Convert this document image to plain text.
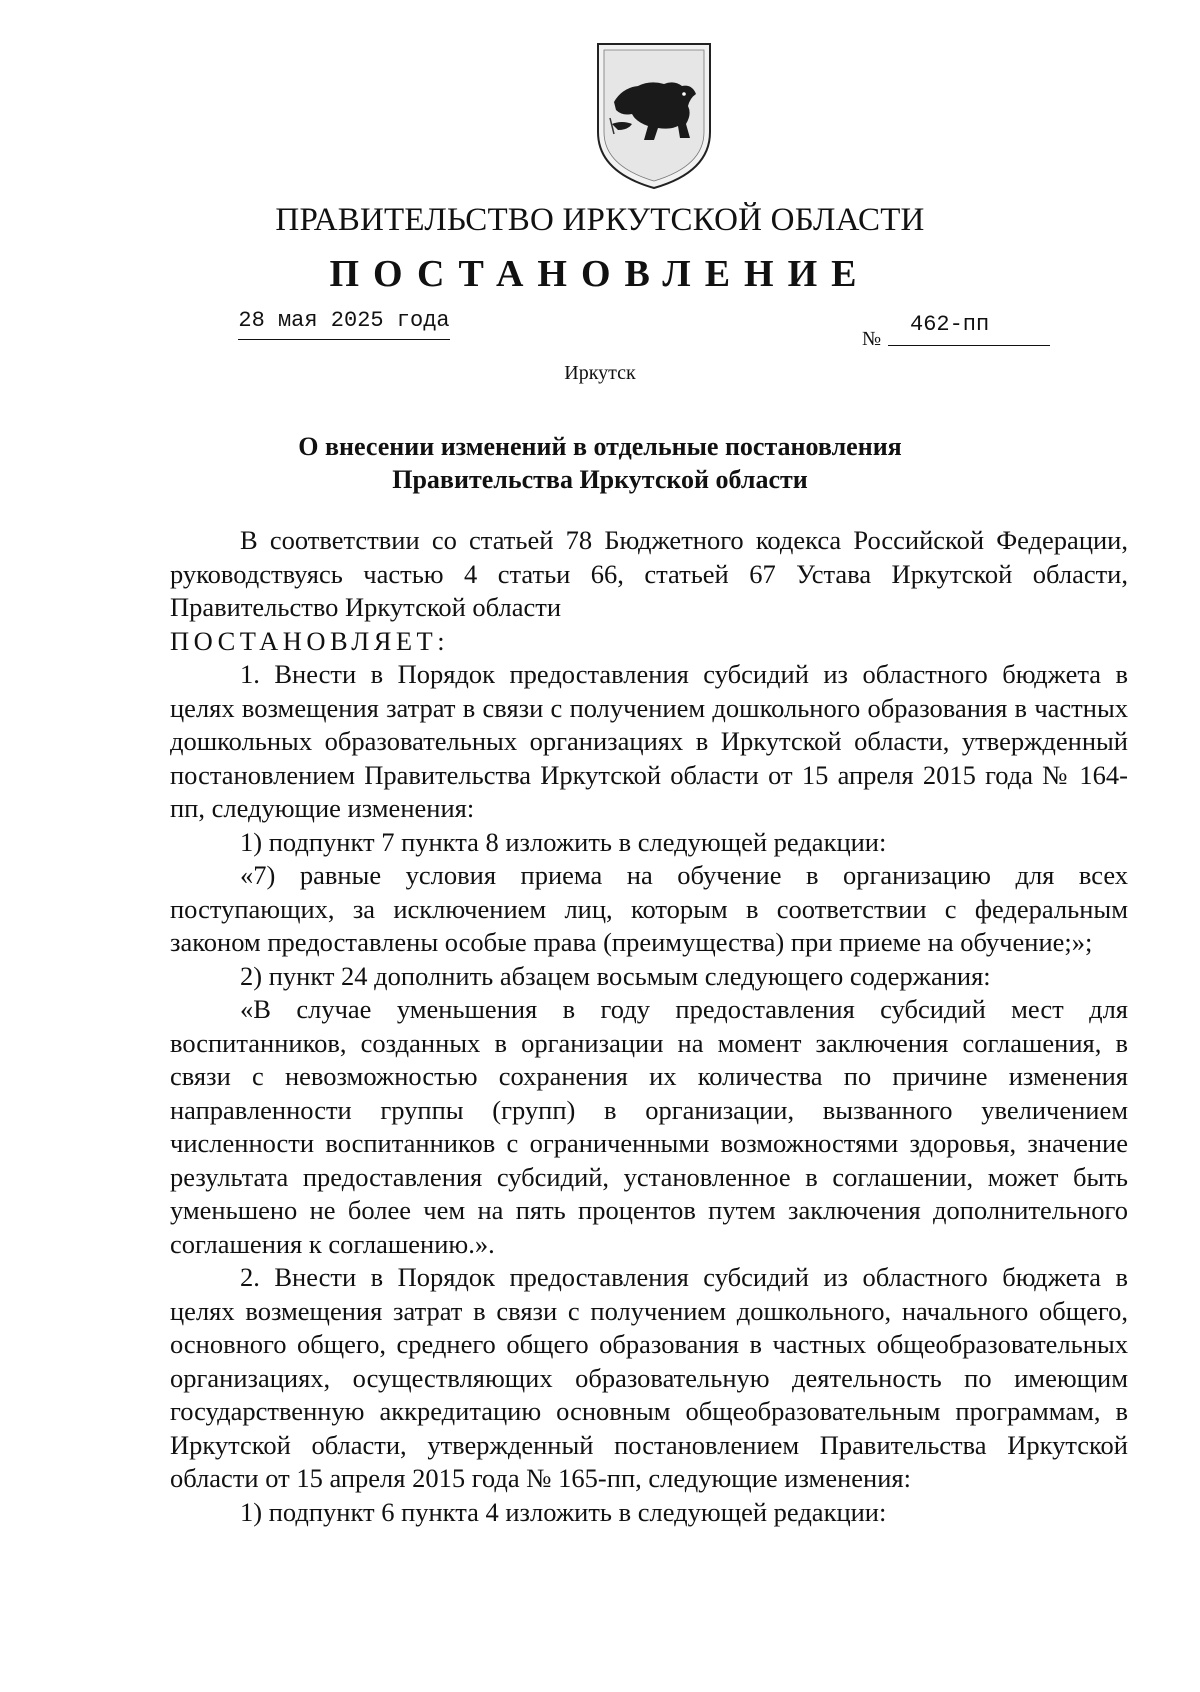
ПРАВИТЕЛЬСТВО ИРКУТСКОЙ ОБЛАСТИ
ПОСТАНОВЛЕНИЕ
28 мая 2025 года
№
462-пп
Иркутск
О внесении изменений в отдельные постановления
Правительства Иркутской области

В соответствии со статьей 78 Бюджетного кодекса Российской Федерации, руководствуясь частью 4 статьи 66, статьей 67 Устава Иркутской области, Правительство Иркутской области

ПОСТАНОВЛЯЕТ:

1. Внести в Порядок предоставления субсидий из областного бюджета в целях возмещения затрат в связи с получением дошкольного образования в частных дошкольных образовательных организациях в Иркутской области, утвержденный постановлением Правительства Иркутской области от 15 апреля 2015 года № 164-пп, следующие изменения:

1) подпункт 7 пункта 8 изложить в следующей редакции:

«7) равные условия приема на обучение в организацию для всех поступающих, за исключением лиц, которым в соответствии с федеральным законом предоставлены особые права (преимущества) при приеме на обучение;»;

2) пункт 24 дополнить абзацем восьмым следующего содержания:

«В случае уменьшения в году предоставления субсидий мест для воспитанников, созданных в организации на момент заключения соглашения, в связи с невозможностью сохранения их количества по причине изменения направленности группы (групп) в организации, вызванного увеличением численности воспитанников с ограниченными возможностями здоровья, значение результата предоставления субсидий, установленное в соглашении, может быть уменьшено не более чем на пять процентов путем заключения дополнительного соглашения к соглашению.».

2. Внести в Порядок предоставления субсидий из областного бюджета в целях возмещения затрат в связи с получением дошкольного, начального общего, основного общего, среднего общего образования в частных общеобразовательных организациях, осуществляющих образовательную деятельность по имеющим государственную аккредитацию основным общеобразовательным программам, в Иркутской области, утвержденный постановлением Правительства Иркутской области от 15 апреля 2015 года № 165-пп, следующие изменения:

1) подпункт 6 пункта 4 изложить в следующей редакции:
